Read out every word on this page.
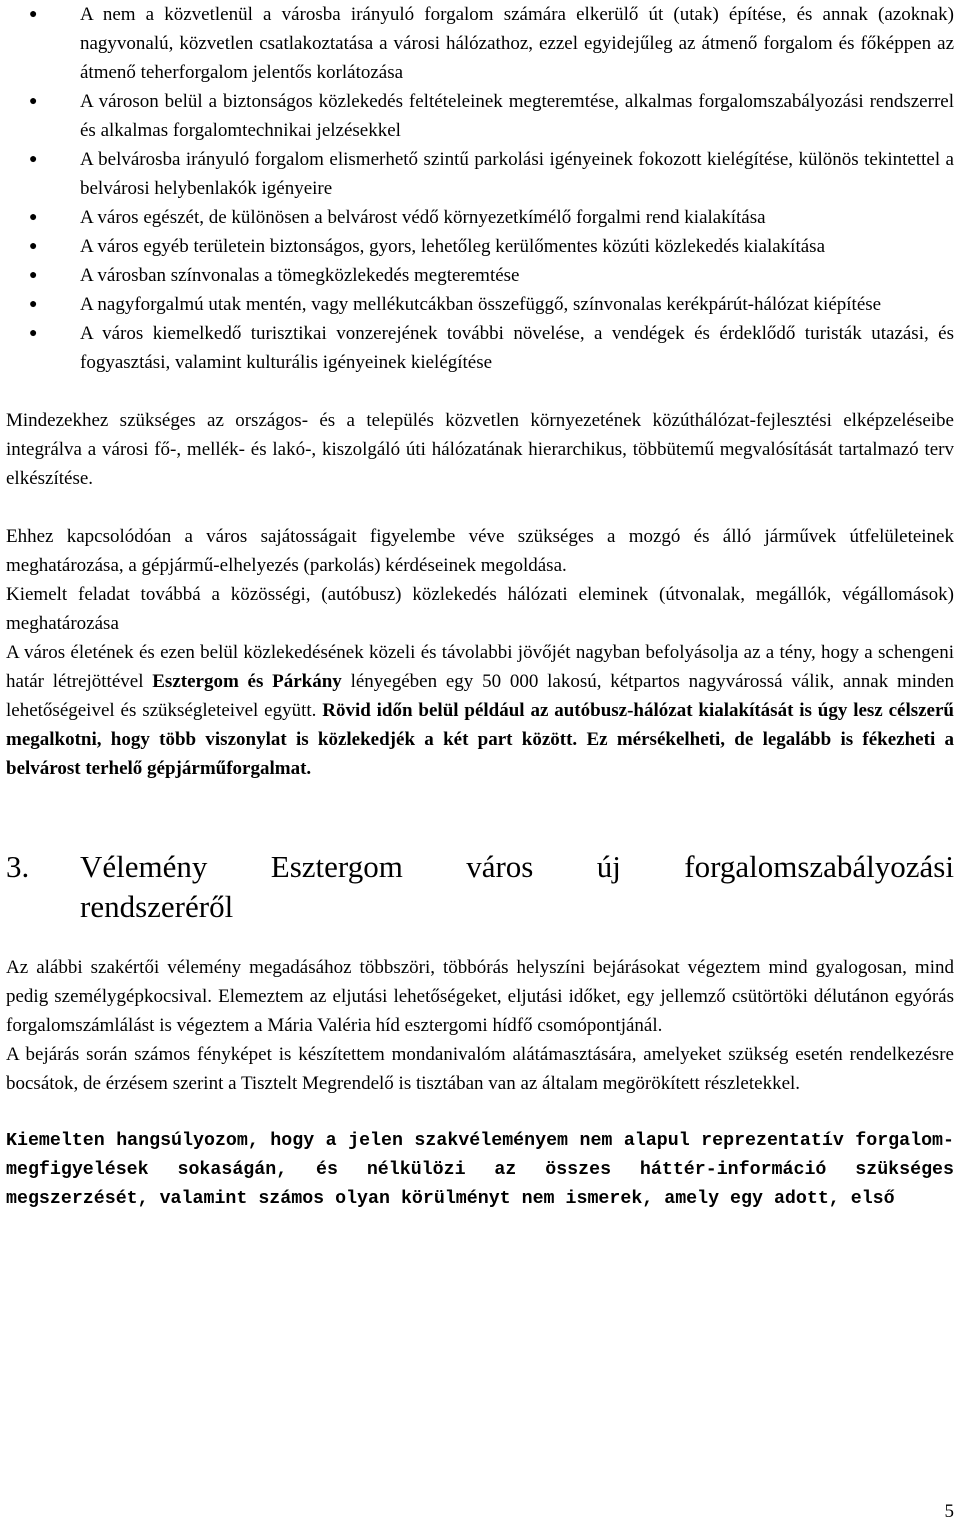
● A nem a közvetlenül a városba irányuló forgalom számára elkerülő út (utak) építése, és annak (azoknak) nagyvonalú, közvetlen csatlakoztatása a városi hálózathoz, ezzel egyidejűleg az átmenő forgalom és főképpen az átmenő teherforgalom jelentős korlátozása
● A városon belül a biztonságos közlekedés feltételeinek megteremtése, alkalmas forgalomszabályozási rendszerrel és alkalmas forgalomtechnikai jelzésekkel
● A belvárosba irányuló forgalom elismerhető szintű parkolási igényeinek fokozott kielégítése, különös tekintettel a belvárosi helybenlakók igényeire
● A város egészét, de különösen a belvárost védő környezetkímélő forgalmi rend kialakítása
● A város egyéb területein biztonságos, gyors, lehetőleg kerülőmentes közúti közlekedés kialakítása
● A városban színvonalas a tömegközlekedés megteremtése
● A nagyforgalmú utak mentén, vagy mellékutcákban összefüggő, színvonalas kerékpárút-hálózat kiépítése
● A város kiemelkedő turisztikai vonzerejének további növelése, a vendégek és érdeklődő turisták utazási, és fogyasztási, valamint kulturális igényeinek kielégítése

Mindezekhez szükséges az országos- és a település közvetlen környezetének közúthálózat-fejlesztési elképzeléseibe integrálva a városi fő-, mellék- és lakó-, kiszolgáló úti hálózatának hierarchikus, többütemű megvalósítását tartalmazó terv elkészítése.

Ehhez kapcsolódóan a város sajátosságait figyelembe véve szükséges a mozgó és álló járművek útfelületeinek meghatározása, a gépjármű-elhelyezés (parkolás) kérdéseinek megoldása.

Kiemelt feladat továbbá a közösségi, (autóbusz) közlekedés hálózati eleminek (útvonalak, megállók, végállomások) meghatározása

A város életének és ezen belül közlekedésének közeli és távolabbi jövőjét nagyban befolyásolja az a tény, hogy a schengeni határ létrejöttével Esztergom és Párkány lényegében egy 50 000 lakosú, kétpartos nagyvárossá válik, annak minden lehetőségeivel és szükségleteivel együtt. Rövid időn belül például az autóbusz-hálózat kialakítását is úgy lesz célszerű megalkotni, hogy több viszonylat is közlekedjék a két part között. Ez mérsékelheti, de legalább is fékezheti a belvárost terhelő gépjárműforgalmat.

3. Vélemény Esztergom város új forgalomszabályozási
rendszeréről

Az alábbi szakértői vélemény megadásához többszöri, többórás helyszíni bejárásokat végeztem mind gyalogosan, mind pedig személygépkocsival. Elemeztem az eljutási lehetőségeket, eljutási időket, egy jellemző csütörtöki délutánon egyórás forgalomszámlálást is végeztem a Mária Valéria híd esztergomi hídfő csomópontjánál.

A bejárás során számos fényképet is készítettem mondanivalóm alátámasztására, amelyeket szükség esetén rendelkezésre bocsátok, de érzésem szerint a Tisztelt Megrendelő is tisztában van az általam megörökített részletekkel.

Kiemelten hangsúlyozom, hogy a jelen szakvéleményem nem alapul reprezentatív forgalom-megfigyelések sokaságán, és nélkülözi az összes háttér-információ szükséges megszerzését, valamint számos olyan körülményt nem ismerek, amely egy adott, első

5
